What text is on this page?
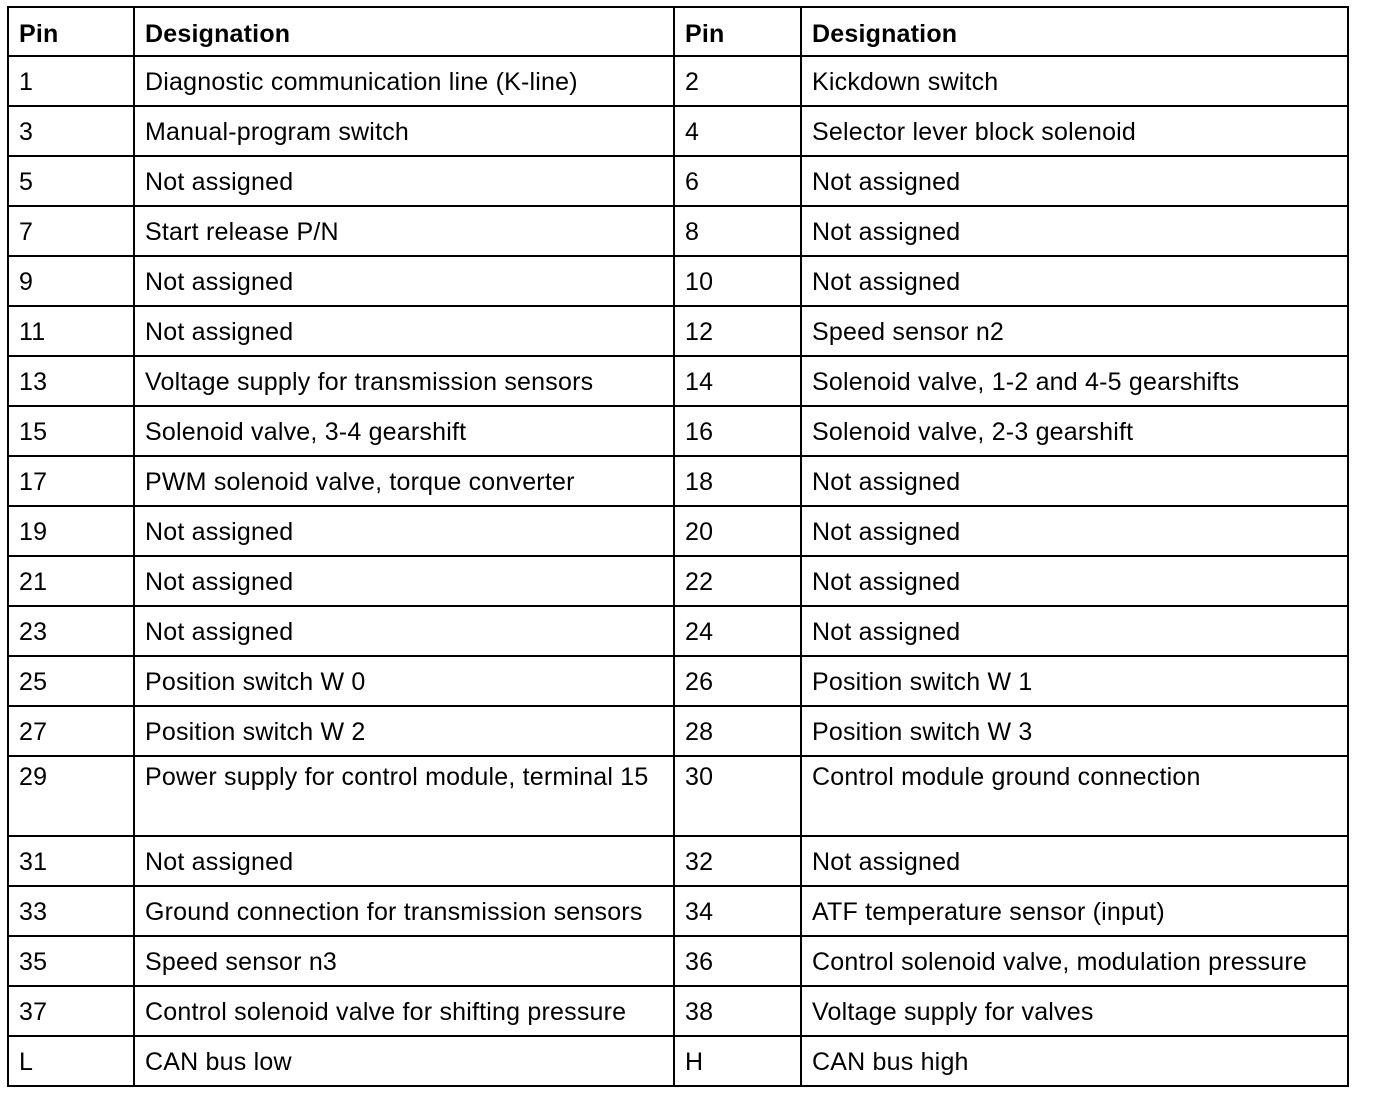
Pin	Designation	Pin	Designation
1	Diagnostic communication line (K-line)	2	Kickdown switch
3	Manual-program switch	4	Selector lever block solenoid
5	Not assigned	6	Not assigned
7	Start release P/N	8	Not assigned
9	Not assigned	10	Not assigned
11	Not assigned	12	Speed sensor n2
13	Voltage supply for transmission sensors	14	Solenoid valve, 1-2 and 4-5 gearshifts
15	Solenoid valve, 3-4 gearshift	16	Solenoid valve, 2-3 gearshift
17	PWM solenoid valve, torque converter	18	Not assigned
19	Not assigned	20	Not assigned
21	Not assigned	22	Not assigned
23	Not assigned	24	Not assigned
25	Position switch W 0	26	Position switch W 1
27	Position switch W 2	28	Position switch W 3
29	Power supply for control module, terminal 15	30	Control module ground connection
31	Not assigned	32	Not assigned
33	Ground connection for transmission sensors	34	ATF temperature sensor (input)
35	Speed sensor n3	36	Control solenoid valve, modulation pressure
37	Control solenoid valve for shifting pressure	38	Voltage supply for valves
L	CAN bus low	H	CAN bus high
